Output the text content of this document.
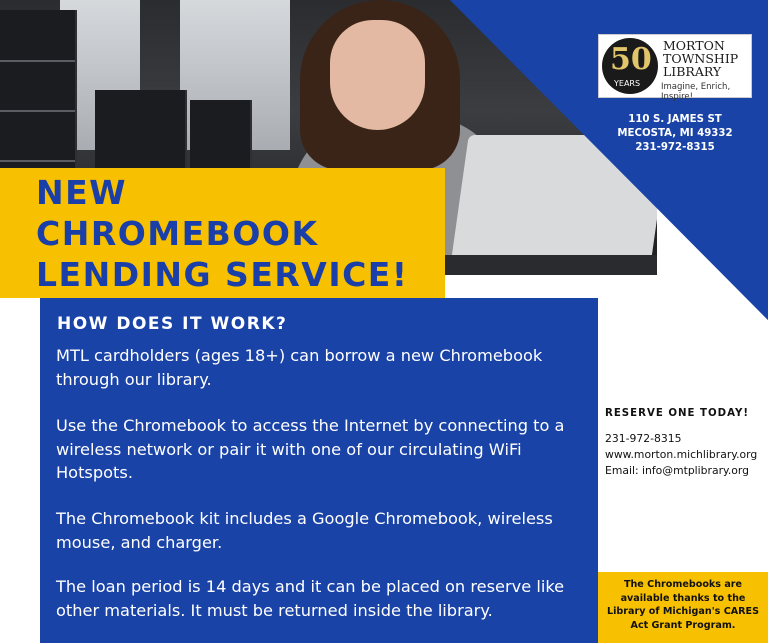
NEW
CHROMEBOOK
LENDING SERVICE!
50
YEARS
MORTON
TOWNSHIP
LIBRARY
Imagine, Enrich, Inspire!
110 S. JAMES ST
MECOSTA, MI 49332
231-972-8315
HOW DOES IT WORK?

MTL cardholders (ages 18+) can borrow a new Chromebook through our library.

Use the Chromebook to access the Internet by connecting to a wireless network or pair it with one of our circulating WiFi Hotspots.

The Chromebook kit includes a Google Chromebook, wireless mouse, and charger.

The loan period is 14 days and it can be placed on reserve like other materials. It must be returned inside the library.

RESERVE ONE TODAY!
231-972-8315
www.morton.michlibrary.org
Email: info@mtplibrary.org

The Chromebooks are available thanks to the Library of Michigan's CARES Act Grant Program.
